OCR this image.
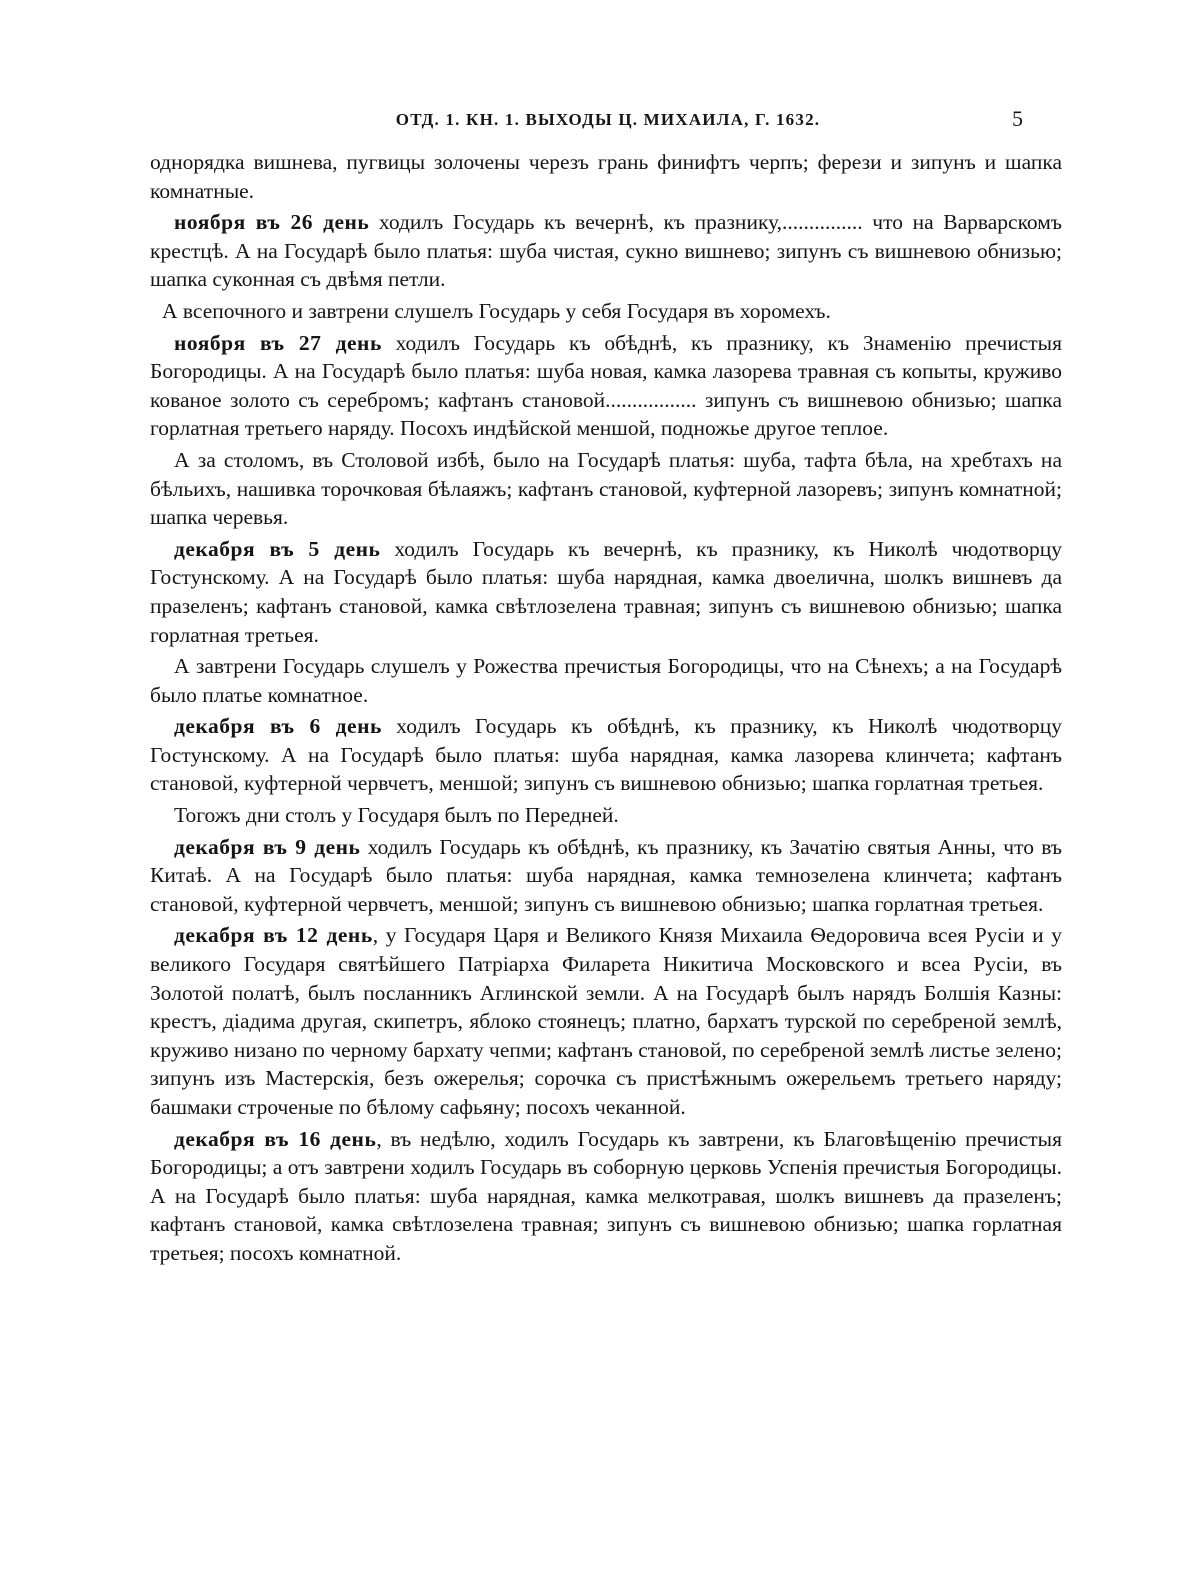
ОТД. 1. КН. 1. ВЫХОДЫ Ц. МИХАИЛА, Г. 1632.	5

однорядка вишнева, пугвицы золочены черезъ грань финифтъ черпъ; ферези и зипунъ и шапка комнатные.

ноября въ 26 день ходилъ Государь къ вечернѣ, къ празнику,............... что на Варварскомъ крестцѣ. А на Государѣ было платья: шуба чистая, сукно вишнево; зипунъ съ вишневою обнизью; шапка суконная съ двѣмя петли.

А всепочного и завтрени слушелъ Государь у себя Государя въ хоромехъ.

ноября въ 27 день ходилъ Государь къ обѣднѣ, къ празнику, къ Знаменію пречистыя Богородицы. А на Государѣ было платья: шуба новая, камка лазорева травная съ копыты, круживо кованое золото съ серебромъ; кафтанъ становой................. зипунъ съ вишневою обнизью; шапка горлатная третьего наряду. Посохъ индѣйской меншой, подножье другое теплое.

А за столомъ, въ Столовой избѣ, было на Государѣ платья: шуба, тафта бѣла, на хребтахъ на бѣльихъ, нашивка торочковая бѣлаяжъ; кафтанъ становой, куфтерной лазоревъ; зипунъ комнатной; шапка черевья.

декабря въ 5 день ходилъ Государь къ вечернѣ, къ празнику, къ Николѣ чюдотворцу Гостунскому. А на Государѣ было платья: шуба нарядная, камка двоелична, шолкъ вишневъ да празеленъ; кафтанъ становой, камка свѣтлозелена травная; зипунъ съ вишневою обнизью; шапка горлатная третьея.

А завтрени Государь слушелъ у Рожества пречистыя Богородицы, что на Сѣнехъ; а на Государѣ было платье комнатное.

декабря въ 6 день ходилъ Государь къ обѣднѣ, къ празнику, къ Николѣ чюдотворцу Гостунскому. А на Государѣ было платья: шуба нарядная, камка лазорева клинчета; кафтанъ становой, куфтерной червчетъ, меншой; зипунъ съ вишневою обнизью; шапка горлатная третьея.

Тогожъ дни столъ у Государя былъ по Передней.

декабря въ 9 день ходилъ Государь къ обѣднѣ, къ празнику, къ Зачатію святыя Анны, что въ Китаѣ. А на Государѣ было платья: шуба нарядная, камка темнозелена клинчета; кафтанъ становой, куфтерной червчетъ, меншой; зипунъ съ вишневою обнизью; шапка горлатная третьея.

декабря въ 12 день, у Государя Царя и Великого Князя Михаила Ѳедоровича всея Русіи и у великого Государя святѣйшего Патріарха Филарета Никитича Московского и всеа Русіи, въ Золотой полатѣ, былъ посланникъ Аглинской земли. А на Государѣ былъ нарядъ Болшія Казны: крестъ, діадима другая, скипетръ, яблоко стоянецъ; платно, бархатъ турской по серебреной землѣ, круживо низано по черному бархату чепми; кафтанъ становой, по серебреной землѣ листье зелено; зипунъ изъ Мастерскія, безъ ожерелья; сорочка съ пристѣжнымъ ожерельемъ третьего наряду; башмаки строченые по бѣлому сафьяну; посохъ чеканной.

декабря въ 16 день, въ недѣлю, ходилъ Государь къ завтрени, къ Благовѣщенію пречистыя Богородицы; а отъ завтрени ходилъ Государь въ соборную церковь Успенія пречистыя Богородицы. А на Государѣ было платья: шуба нарядная, камка мелкотравая, шолкъ вишневъ да празеленъ; кафтанъ становой, камка свѣтлозелена травная; зипунъ съ вишневою обнизью; шапка горлатная третьея; посохъ комнатной.
